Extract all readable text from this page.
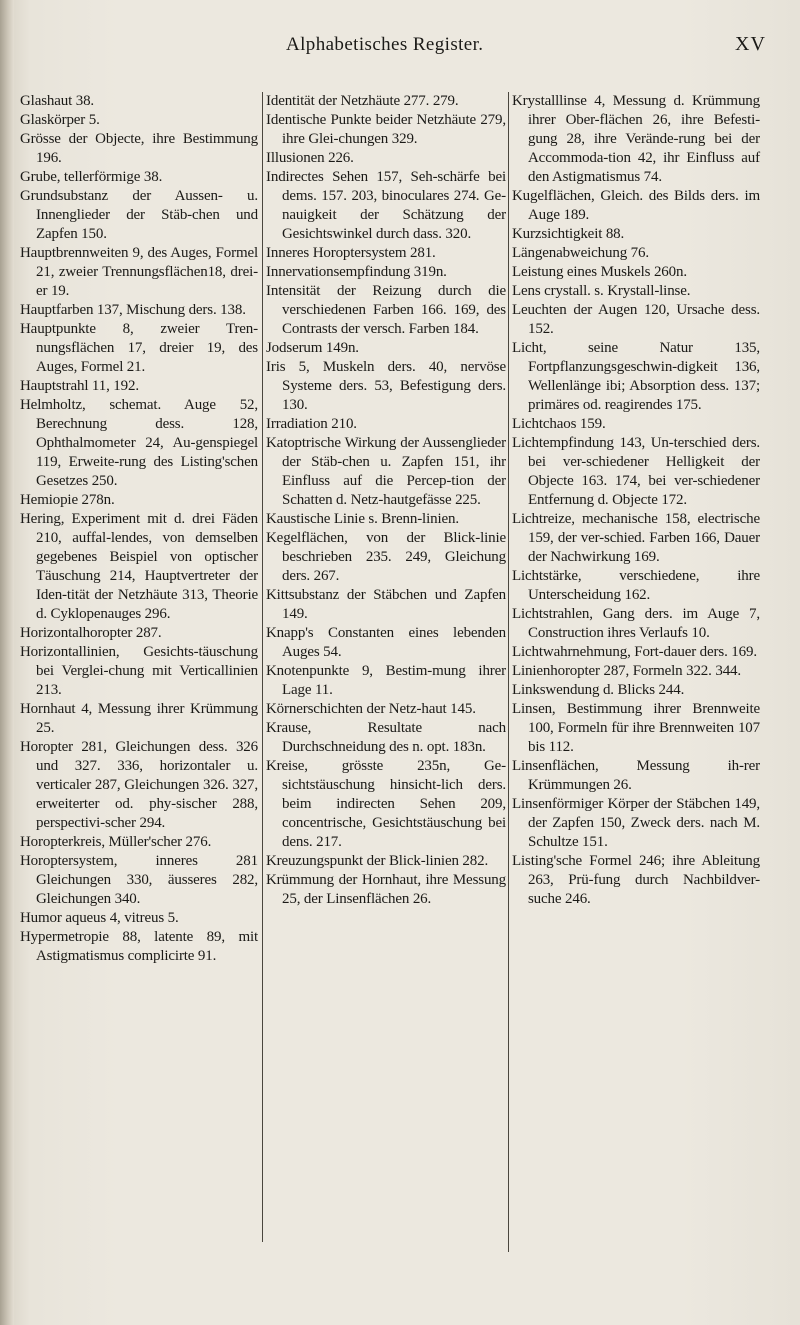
Alphabetisches Register.	XV
Glashaut 38.
Glaskörper 5.
Grösse der Objecte, ihre Bestimmung 196.
Grube, tellerförmige 38.
Grundsubstanz der Aussen- u. Innenglieder der Stäb-chen und Zapfen 150.
Hauptbrennweiten 9, des Auges, Formel 21, zweier Trennungsflächen18, drei-er 19.
Hauptfarben 137, Mischung ders. 138.
Hauptpunkte 8, zweier Tren-nungsflächen 17, dreier 19, des Auges, Formel 21.
Hauptstrahl 11, 192.
Helmholtz, schemat. Auge 52, Berechnung dess. 128, Ophthalmometer 24, Au-genspiegel 119, Erweite-rung des Listing'schen Gesetzes 250.
Hemiopie 278n.
Hering, Experiment mit d. drei Fäden 210, auffal-lendes, von demselben gegebenes Beispiel von optischer Täuschung 214, Hauptvertreter der Iden-tität der Netzhäute 313, Theorie d. Cyklopenauges 296.
Horizontalhoropter 287.
Horizontallinien, Gesichts-täuschung bei Verglei-chung mit Verticallinien 213.
Hornhaut 4, Messung ihrer Krümmung 25.
Horopter 281, Gleichungen dess. 326 und 327. 336, horizontaler u. verticaler 287, Gleichungen 326. 327, erweiterter od. phy-sischer 288, perspectivi-scher 294.
Horopterkreis, Müller'scher 276.
Horoptersystem, inneres 281 Gleichungen 330, äusseres 282, Gleichungen 340.
Humor aqueus 4, vitreus 5.
Hypermetropie 88, latente 89, mit Astigmatismus complicirte 91.
Identität der Netzhäute 277. 279.
Identische Punkte beider Netzhäute 279, ihre Glei-chungen 329.
Illusionen 226.
Indirectes Sehen 157, Seh-schärfe bei dems. 157. 203, binoculares 274. Ge-nauigkeit der Schätzung der Gesichtswinkel durch dass. 320.
Inneres Horoptersystem 281.
Innervationsempfindung 319n.
Intensität der Reizung durch die verschiedenen Farben 166. 169, des Contrasts der versch. Farben 184.
Jodserum 149n.
Iris 5, Muskeln ders. 40, nervöse Systeme ders. 53, Befestigung ders. 130.
Irradiation 210.
Katoptrische Wirkung der Aussenglieder der Stäb-chen u. Zapfen 151, ihr Einfluss auf die Percep-tion der Schatten d. Netz-hautgefässe 225.
Kaustische Linie s. Brenn-linien.
Kegelflächen, von der Blick-linie beschrieben 235. 249, Gleichung ders. 267.
Kittsubstanz der Stäbchen und Zapfen 149.
Knapp's Constanten eines lebenden Auges 54.
Knotenpunkte 9, Bestim-mung ihrer Lage 11.
Körnerschichten der Netz-haut 145.
Krause, Resultate nach Durchschneidung des n. opt. 183n.
Kreise, grösste 235n, Ge-sichtstäuschung hinsicht-lich ders. beim indirecten Sehen 209, concentrische, Gesichtstäuschung bei dens. 217.
Kreuzungspunkt der Blick-linien 282.
Krümmung der Hornhaut, ihre Messung 25, der Linsenflächen 26.
Krystalllinse 4, Messung d. Krümmung ihrer Ober-flächen 26, ihre Befesti-gung 28, ihre Verände-rung bei der Accommoda-tion 42, ihr Einfluss auf den Astigmatismus 74.
Kugelflächen, Gleich. des Bilds ders. im Auge 189.
Kurzsichtigkeit 88.
Längenabweichung 76.
Leistung eines Muskels 260n.
Lens crystall. s. Krystall-linse.
Leuchten der Augen 120, Ursache dess. 152.
Licht, seine Natur 135, Fortpflanzungsgeschwin-digkeit 136, Wellenlänge ibi; Absorption dess. 137; primäres od. reagirendes 175.
Lichtchaos 159.
Lichtempfindung 143, Un-terschied ders. bei ver-schiedener Helligkeit der Objecte 163. 174, bei ver-schiedener Entfernung d. Objecte 172.
Lichtreize, mechanische 158, electrische 159, der ver-schied. Farben 166, Dauer der Nachwirkung 169.
Lichtstärke, verschiedene, ihre Unterscheidung 162.
Lichtstrahlen, Gang ders. im Auge 7, Construction ihres Verlaufs 10.
Lichtwahrnehmung, Fort-dauer ders. 169.
Linienhoropter 287, Formeln 322. 344.
Linkswendung d. Blicks 244.
Linsen, Bestimmung ihrer Brennweite 100, Formeln für ihre Brennweiten 107 bis 112.
Linsenflächen, Messung ih-rer Krümmungen 26.
Linsenförmiger Körper der Stäbchen 149, der Zapfen 150, Zweck ders. nach M. Schultze 151.
Listing'sche Formel 246; ihre Ableitung 263, Prü-fung durch Nachbildver-suche 246.
